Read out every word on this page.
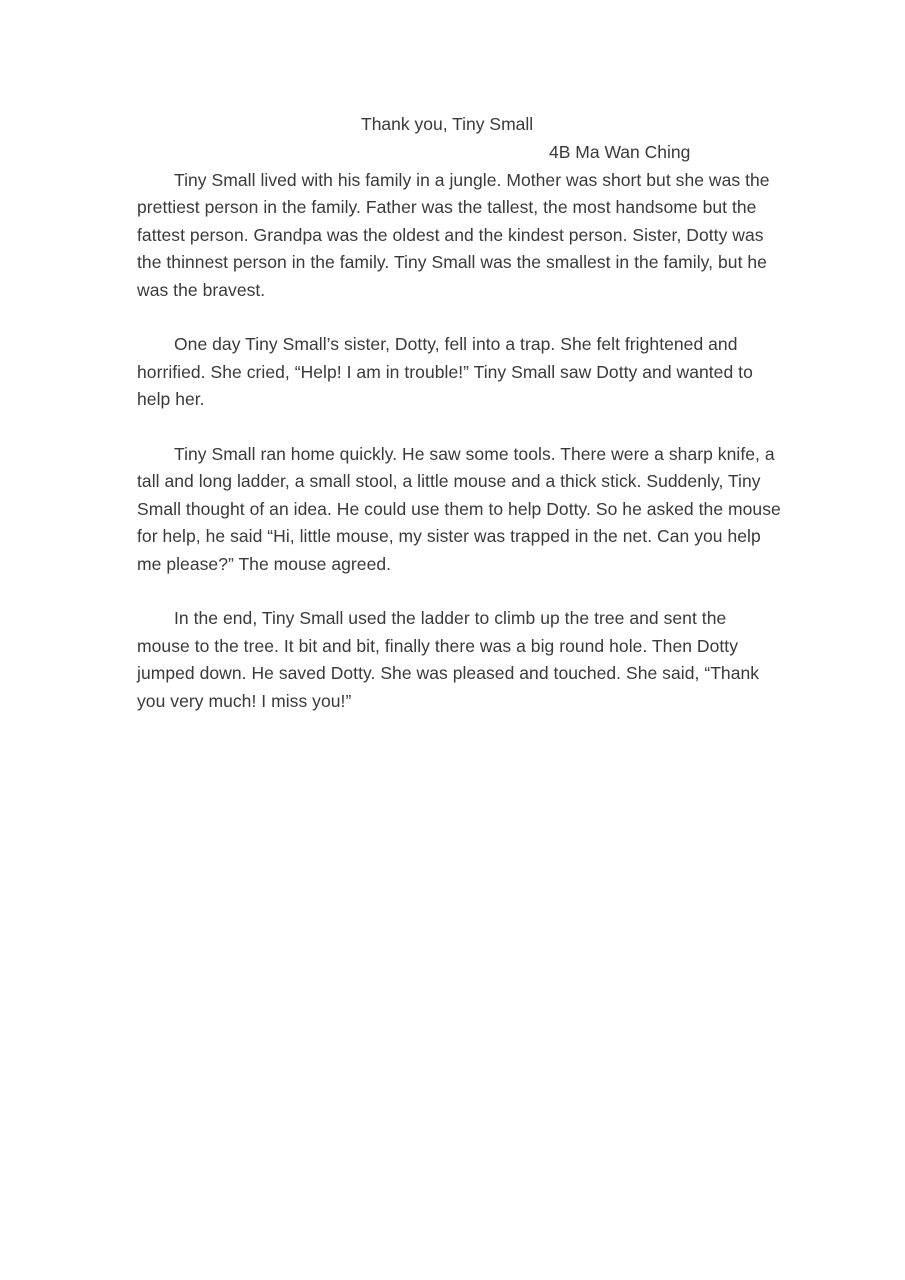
Thank you, Tiny Small
4B Ma Wan Ching

Tiny Small lived with his family in a jungle. Mother was short but she was the prettiest person in the family. Father was the tallest, the most handsome but the fattest person. Grandpa was the oldest and the kindest person. Sister, Dotty was the thinnest person in the family. Tiny Small was the smallest in the family, but he was the bravest.

One day Tiny Small’s sister, Dotty, fell into a trap. She felt frightened and horrified. She cried, “Help! I am in trouble!” Tiny Small saw Dotty and wanted to help her.

Tiny Small ran home quickly. He saw some tools. There were a sharp knife, a tall and long ladder, a small stool, a little mouse and a thick stick. Suddenly, Tiny Small thought of an idea. He could use them to help Dotty. So he asked the mouse for help, he said “Hi, little mouse, my sister was trapped in the net. Can you help me please?” The mouse agreed.

In the end, Tiny Small used the ladder to climb up the tree and sent the mouse to the tree. It bit and bit, finally there was a big round hole. Then Dotty jumped down. He saved Dotty. She was pleased and touched. She said, “Thank you very much! I miss you!”
